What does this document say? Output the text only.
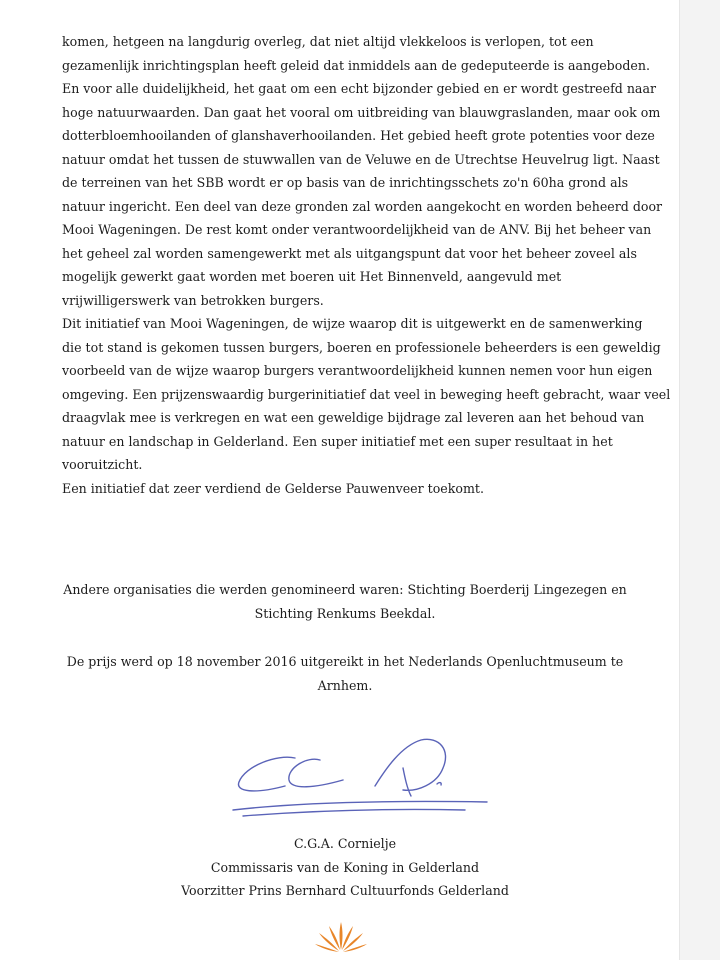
komen, hetgeen na langdurig overleg, dat niet altijd vlekkeloos is verlopen, tot een
gezamenlijk inrichtingsplan heeft geleid dat inmiddels aan de gedeputeerde is aangeboden.
En voor alle duidelijkheid, het gaat om een echt bijzonder gebied en er wordt gestreefd naar
hoge natuurwaarden. Dan gaat het vooral om uitbreiding van blauwgraslanden, maar ook om
dotterbloemhooilanden of glanshaverhooilanden. Het gebied heeft grote potenties voor deze
natuur omdat het tussen de stuwwallen van de Veluwe en de Utrechtse Heuvelrug ligt. Naast
de terreinen van het SBB wordt er op basis van de inrichtingsschets zo'n 60ha grond als
natuur ingericht. Een deel van deze gronden zal worden aangekocht en worden beheerd door
Mooi Wageningen. De rest komt onder verantwoordelijkheid van de ANV. Bij het beheer van
het geheel zal worden samengewerkt met als uitgangspunt dat voor het beheer zoveel als
mogelijk gewerkt gaat worden met boeren uit Het Binnenveld, aangevuld met
vrijwilligerswerk van betrokken burgers.
Dit initiatief van Mooi Wageningen, de wijze waarop dit is uitgewerkt en de samenwerking
die tot stand is gekomen tussen burgers, boeren en professionele beheerders is een geweldig
voorbeeld van de wijze waarop burgers verantwoordelijkheid kunnen nemen voor hun eigen
omgeving. Een prijzenswaardig burgerinitiatief dat veel in beweging heeft gebracht, waar veel
draagvlak mee is verkregen en wat een geweldige bijdrage zal leveren aan het behoud van
natuur en landschap in Gelderland. Een super initiatief met een super resultaat in het
vooruitzicht.
Een initiatief dat zeer verdiend de Gelderse Pauwenveer toekomt.
Andere organisaties die werden genomineerd waren: Stichting Boerderij Lingezegen en
Stichting Renkums Beekdal.
De prijs werd op 18 november 2016 uitgereikt in het Nederlands Openluchtmuseum te
Arnhem.
C.G.A. Cornielje
Commissaris van de Koning in Gelderland
Voorzitter Prins Bernhard Cultuurfonds Gelderland
